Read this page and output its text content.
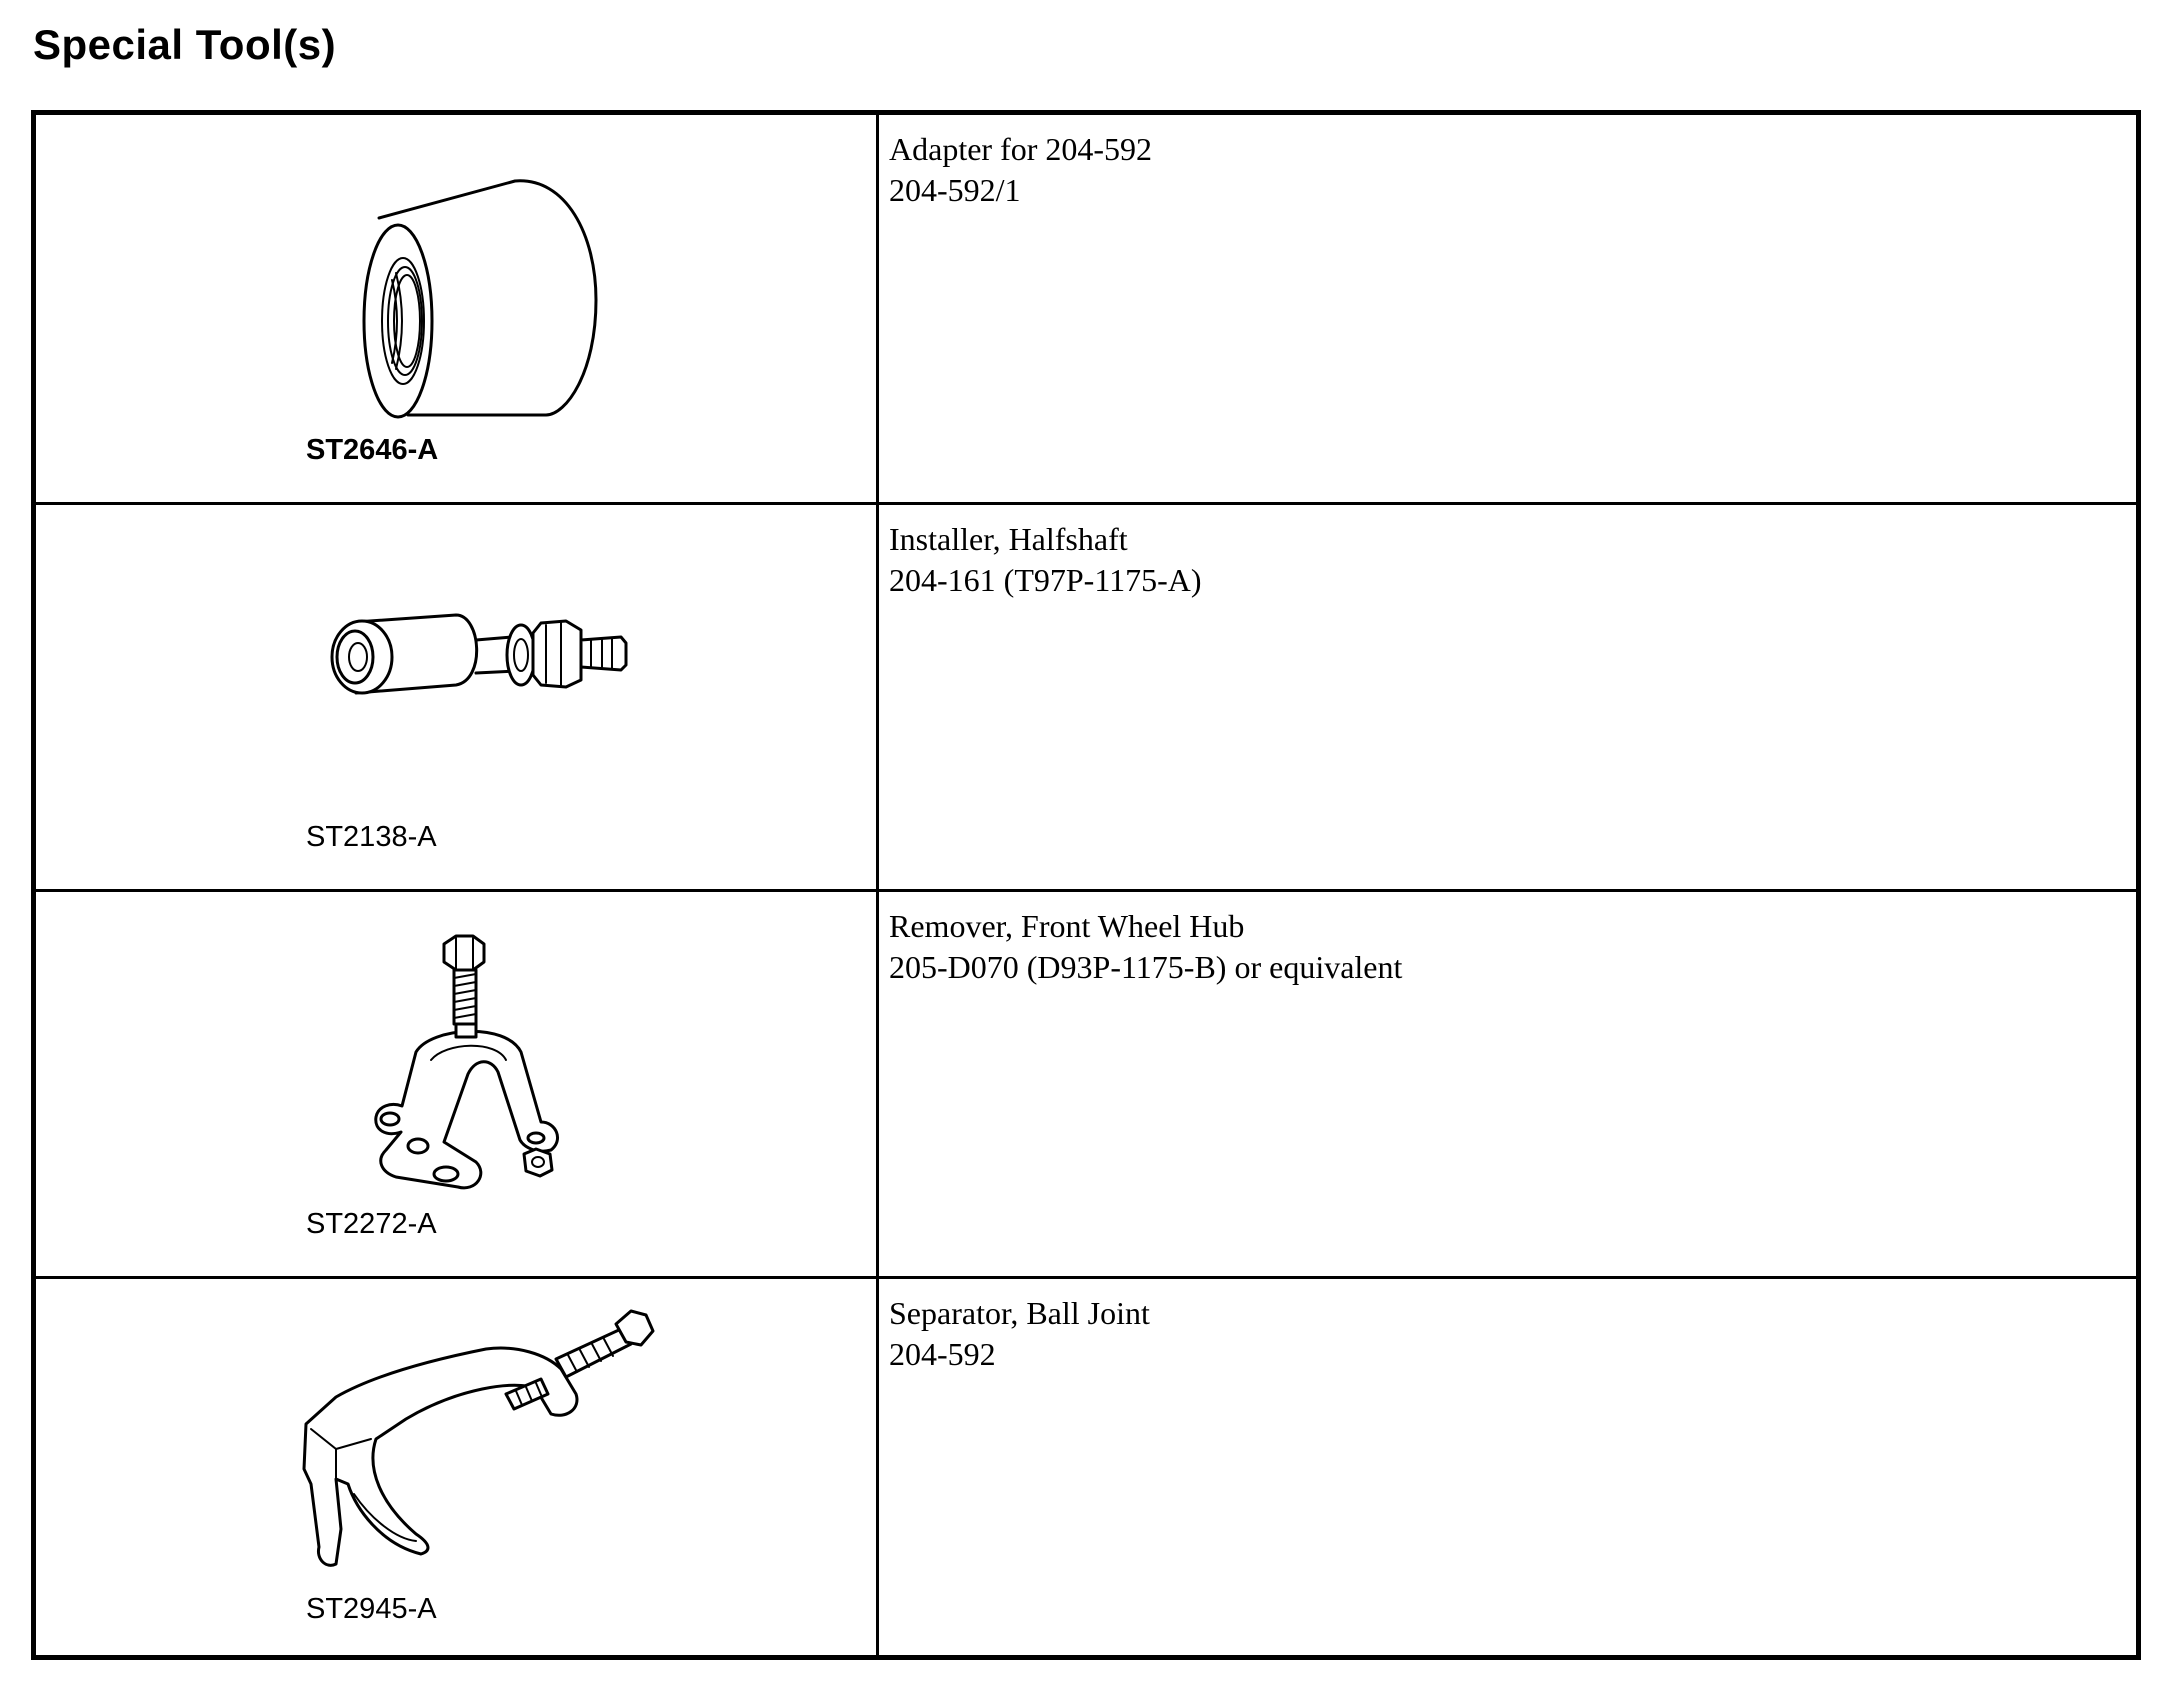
Special Tool(s)
ST2646-A
Adapter for 204-592
204-592/1
ST2138-A
Installer, Halfshaft
204-161 (T97P-1175-A)
ST2272-A
Remover, Front Wheel Hub
205-D070 (D93P-1175-B) or equivalent
ST2945-A
Separator, Ball Joint
204-592
